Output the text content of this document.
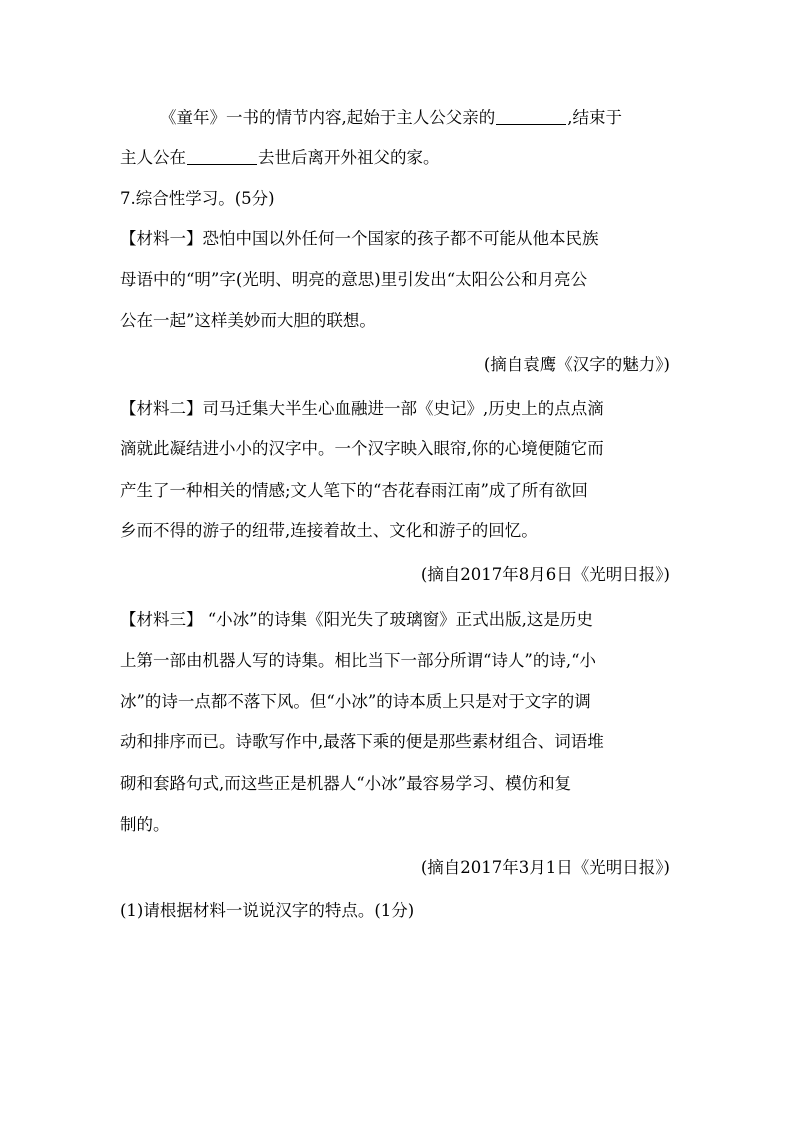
《童年》一书的情节内容,起始于主人公父亲的	,结束于
主人公在	去世后离开外祖父的家。
7.综合性学习。(5分)
【材料一】恐怕中国以外任何一个国家的孩子都不可能从他本民族
母语中的“明”字(光明、明亮的意思)里引发出“太阳公公和月亮公
公在一起”这样美妙而大胆的联想。
(摘自袁鹰《汉字的魅力》)
【材料二】司马迁集大半生心血融进一部《史记》,历史上的点点滴
滴就此凝结进小小的汉字中。一个汉字映入眼帘,你的心境便随它而
产生了一种相关的情感;文人笔下的“杏花春雨江南”成了所有欲回
乡而不得的游子的纽带,连接着故土、文化和游子的回忆。
(摘自2017年8月6日《光明日报》)
【材料三】 “小冰”的诗集《阳光失了玻璃窗》正式出版,这是历史
上第一部由机器人写的诗集。相比当下一部分所谓“诗人”的诗,“小
冰”的诗一点都不落下风。但“小冰”的诗本质上只是对于文字的调
动和排序而已。诗歌写作中,最落下乘的便是那些素材组合、词语堆
砌和套路句式,而这些正是机器人“小冰”最容易学习、模仿和复
制的。
(摘自2017年3月1日《光明日报》)
(1)请根据材料一说说汉字的特点。(1分)
